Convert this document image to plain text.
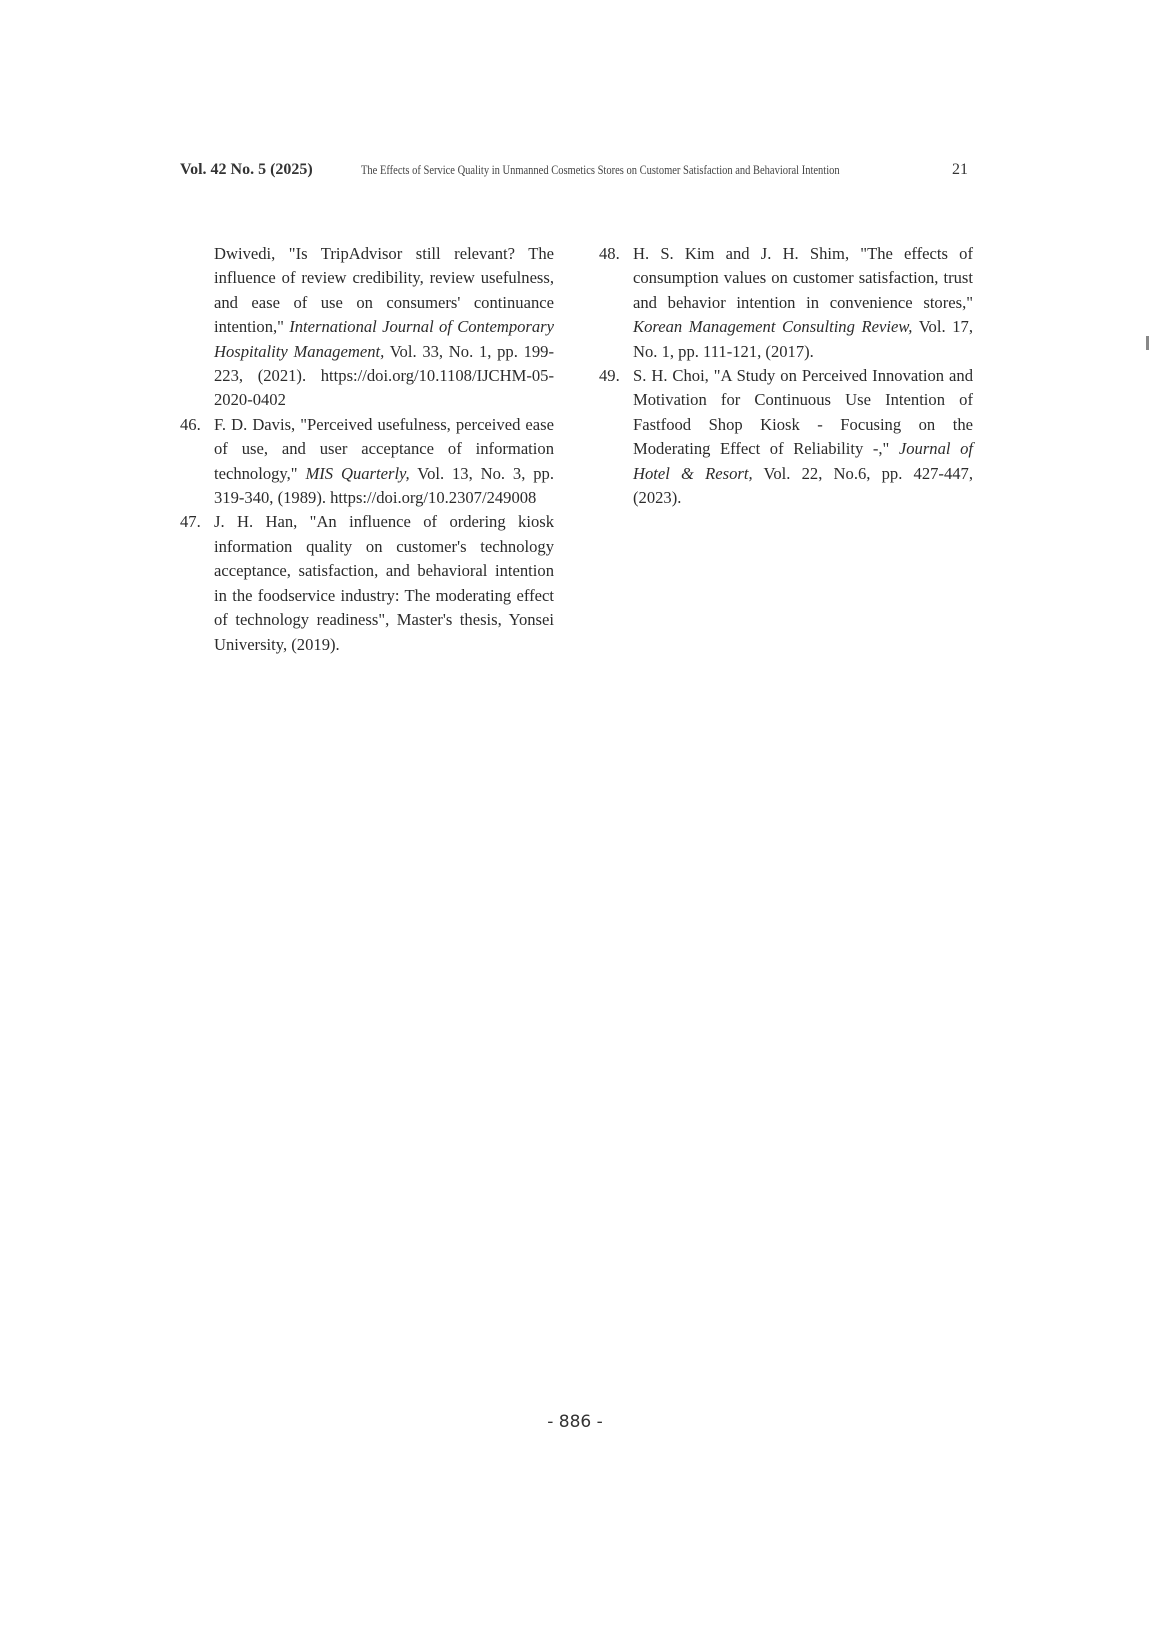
Vol. 42 No. 5 (2025)	The Effects of Service Quality in Unmanned Cosmetics Stores on Customer Satisfaction and Behavioral Intention	21
Dwivedi, "Is TripAdvisor still relevant? The influence of review credibility, review usefulness, and ease of use on consumers' continuance intention," International Journal of Contemporary Hospitality Management, Vol. 33, No. 1, pp. 199-223, (2021). https://doi.org/10.1108/IJCHM-05-2020-0402
46. F. D. Davis, "Perceived usefulness, perceived ease of use, and user acceptance of information technology," MIS Quarterly, Vol. 13, No. 3, pp. 319-340, (1989). https://doi.org/10.2307/249008
47. J. H. Han, "An influence of ordering kiosk information quality on customer's technology acceptance, satisfaction, and behavioral intention in the foodservice industry: The moderating effect of technology readiness", Master's thesis, Yonsei University, (2019).
48. H. S. Kim and J. H. Shim, "The effects of consumption values on customer satisfaction, trust and behavior intention in convenience stores," Korean Management Consulting Review, Vol. 17, No. 1, pp. 111-121, (2017).
49. S. H. Choi, "A Study on Perceived Innovation and Motivation for Continuous Use Intention of Fastfood Shop Kiosk - Focusing on the Moderating Effect of Reliability -," Journal of Hotel & Resort, Vol. 22, No.6, pp. 427-447, (2023).
- 886 -
